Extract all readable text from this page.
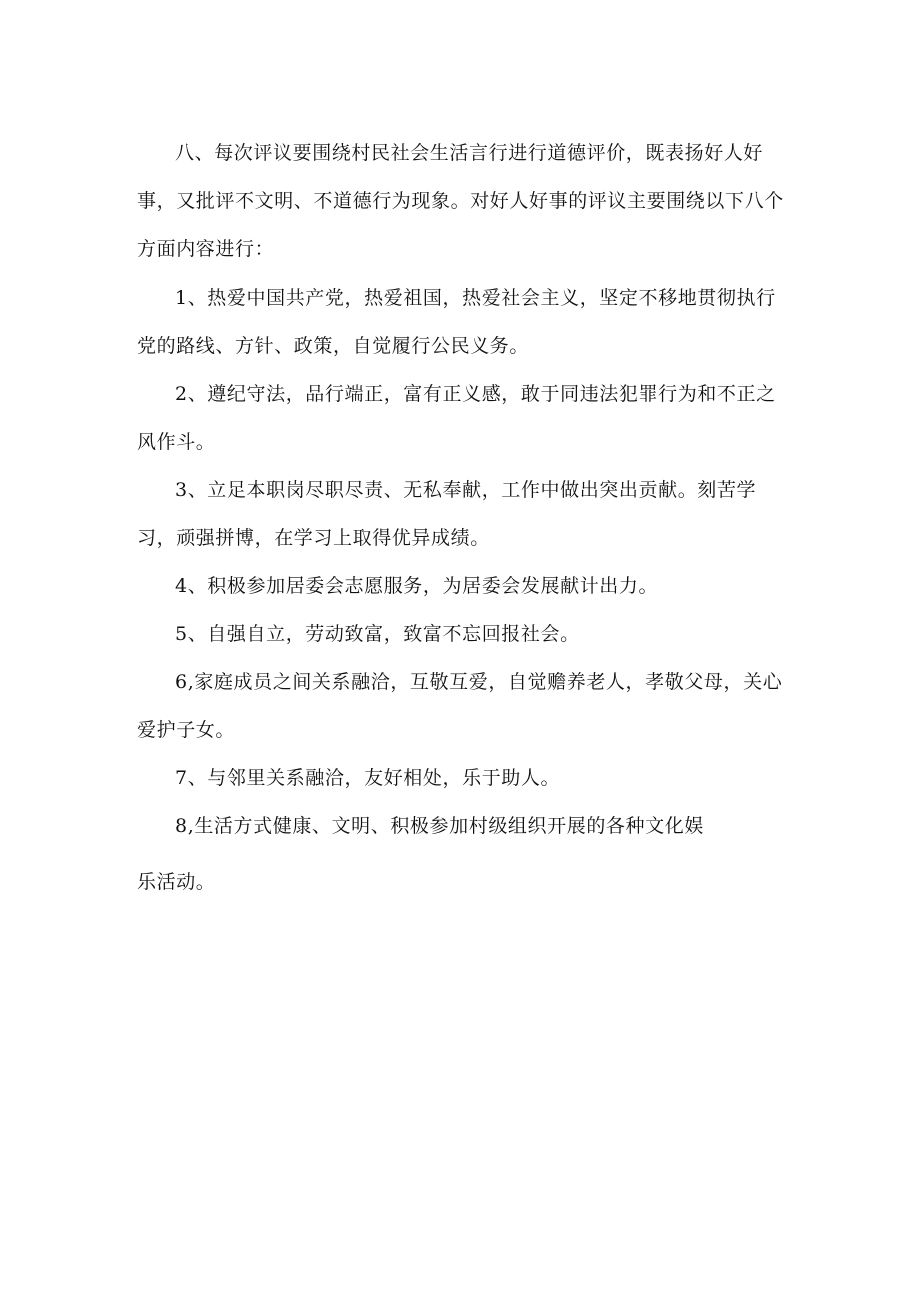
八、每次评议要围绕村民社会生活言行进行道德评价，既表扬好人好事，又批评不文明、不道德行为现象。对好人好事的评议主要围绕以下八个方面内容进行：

1、热爱中国共产党，热爱祖国，热爱社会主义，坚定不移地贯彻执行党的路线、方针、政策，自觉履行公民义务。

2、遵纪守法，品行端正，富有正义感，敢于同违法犯罪行为和不正之风作斗。

3、立足本职岗尽职尽责、无私奉献，工作中做出突出贡献。刻苦学习，顽强拼博，在学习上取得优异成绩。

4、积极参加居委会志愿服务，为居委会发展献计出力。

5、自强自立，劳动致富，致富不忘回报社会。

6,家庭成员之间关系融洽，互敬互爱，自觉赡养老人，孝敬父母，关心爱护子女。

7、与邻里关系融洽，友好相处，乐于助人。

8,生活方式健康、文明、积极参加村级组织开展的各种文化娱

乐活动。
